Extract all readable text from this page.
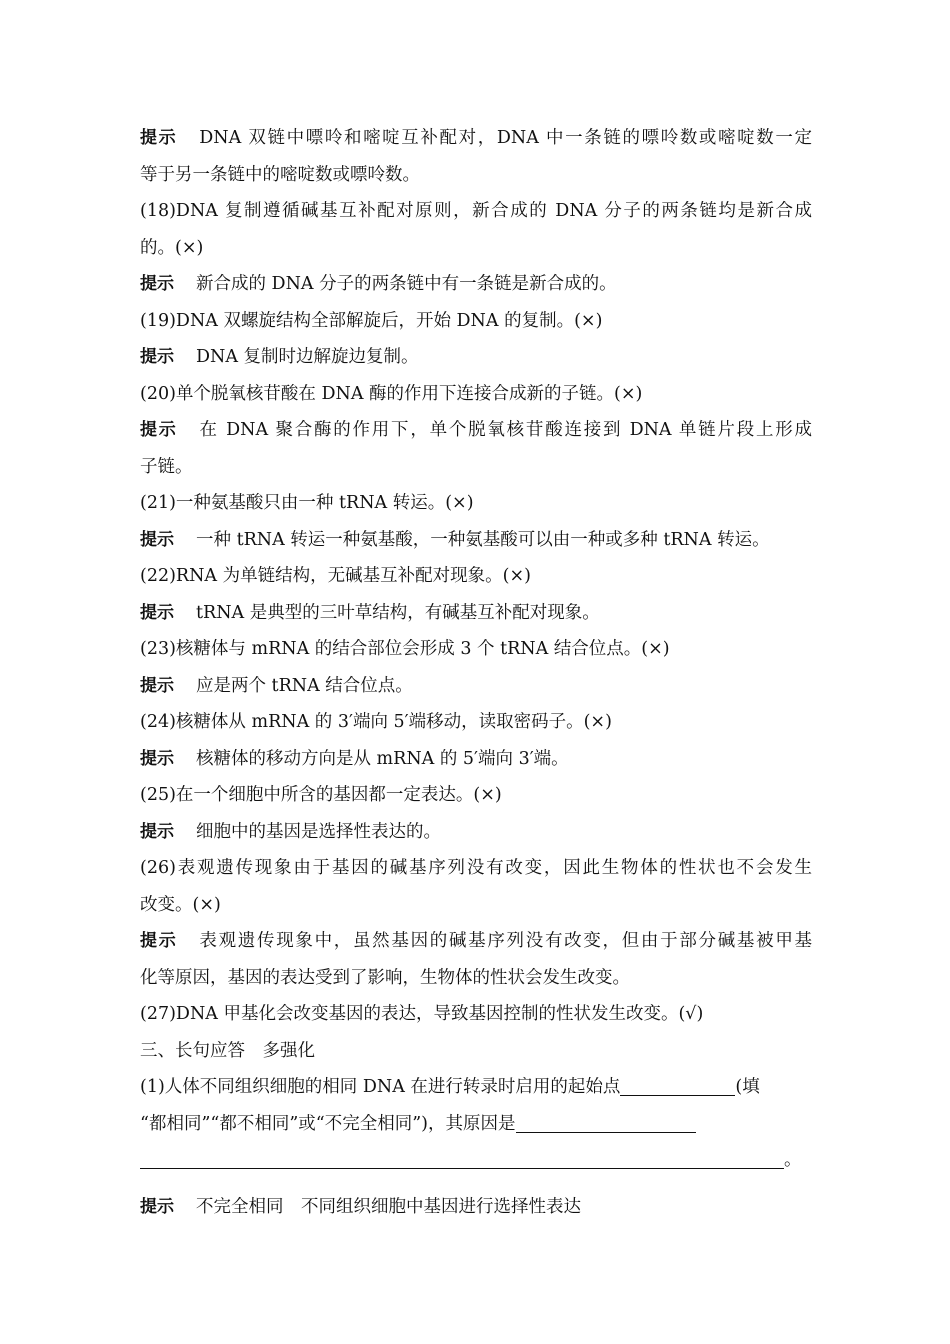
提示 DNA 双链中嘌呤和嘧啶互补配对，DNA 中一条链的嘌呤数或嘧啶数一定
等于另一条链中的嘧啶数或嘌呤数。
(18)DNA 复制遵循碱基互补配对原则，新合成的 DNA 分子的两条链均是新合成
的。(×)
提示 新合成的 DNA 分子的两条链中有一条链是新合成的。
(19)DNA 双螺旋结构全部解旋后，开始 DNA 的复制。(×)
提示 DNA 复制时边解旋边复制。
(20)单个脱氧核苷酸在 DNA 酶的作用下连接合成新的子链。(×)
提示 在 DNA 聚合酶的作用下，单个脱氧核苷酸连接到 DNA 单链片段上形成
子链。
(21)一种氨基酸只由一种 tRNA 转运。(×)
提示 一种 tRNA 转运一种氨基酸，一种氨基酸可以由一种或多种 tRNA 转运。
(22)RNA 为单链结构，无碱基互补配对现象。(×)
提示 tRNA 是典型的三叶草结构，有碱基互补配对现象。
(23)核糖体与 mRNA 的结合部位会形成 3 个 tRNA 结合位点。(×)
提示 应是两个 tRNA 结合位点。
(24)核糖体从 mRNA 的 3′端向 5′端移动，读取密码子。(×)
提示 核糖体的移动方向是从 mRNA 的 5′端向 3′端。
(25)在一个细胞中所含的基因都一定表达。(×)
提示 细胞中的基因是选择性表达的。
(26)表观遗传现象由于基因的碱基序列没有改变，因此生物体的性状也不会发生
改变。(×)
提示 表观遗传现象中，虽然基因的碱基序列没有改变，但由于部分碱基被甲基
化等原因，基因的表达受到了影响，生物体的性状会发生改变。
(27)DNA 甲基化会改变基因的表达，导致基因控制的性状发生改变。(√)
三、长句应答　多强化
(1)人体不同组织细胞的相同 DNA 在进行转录时启用的起始点	(填
“都相同”“都不相同”或“不完全相同”)，其原因是
。
提示 不完全相同　不同组织细胞中基因进行选择性表达
